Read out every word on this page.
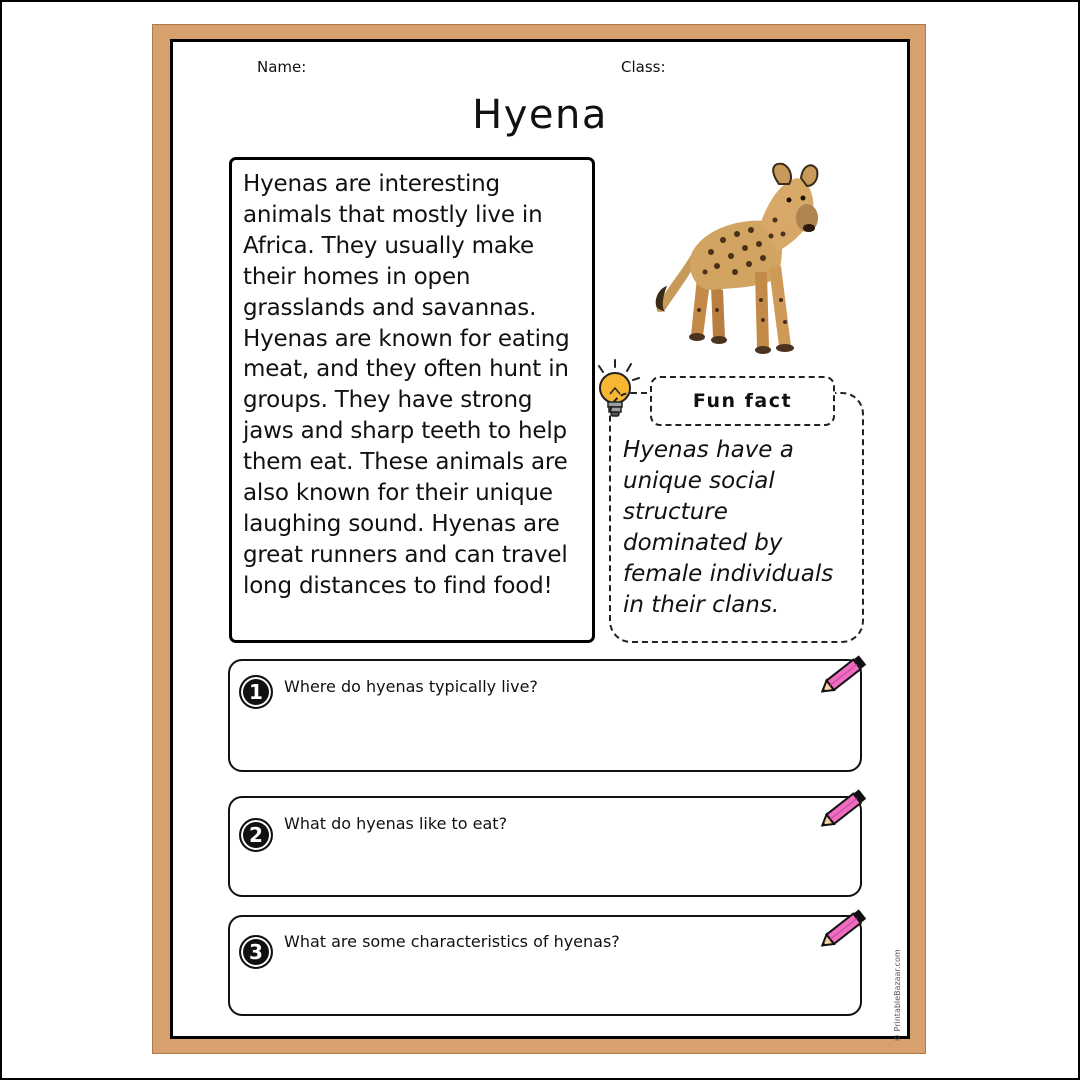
Name:	Class:
Hyena

Hyenas are interesting animals that mostly live in Africa. They usually make their homes in open grasslands and savannas. Hyenas are known for eating meat, and they often hunt in groups. They have strong jaws and sharp teeth to help them eat. These animals are also known for their unique laughing sound. Hyenas are great runners and can travel long distances to find food!

Fun fact
Hyenas have a unique social structure dominated by female individuals in their clans.
1	Where do hyenas typically live?
2	What do hyenas like to eat?
3	What are some characteristics of hyenas?
© PrintableBazaar.com
